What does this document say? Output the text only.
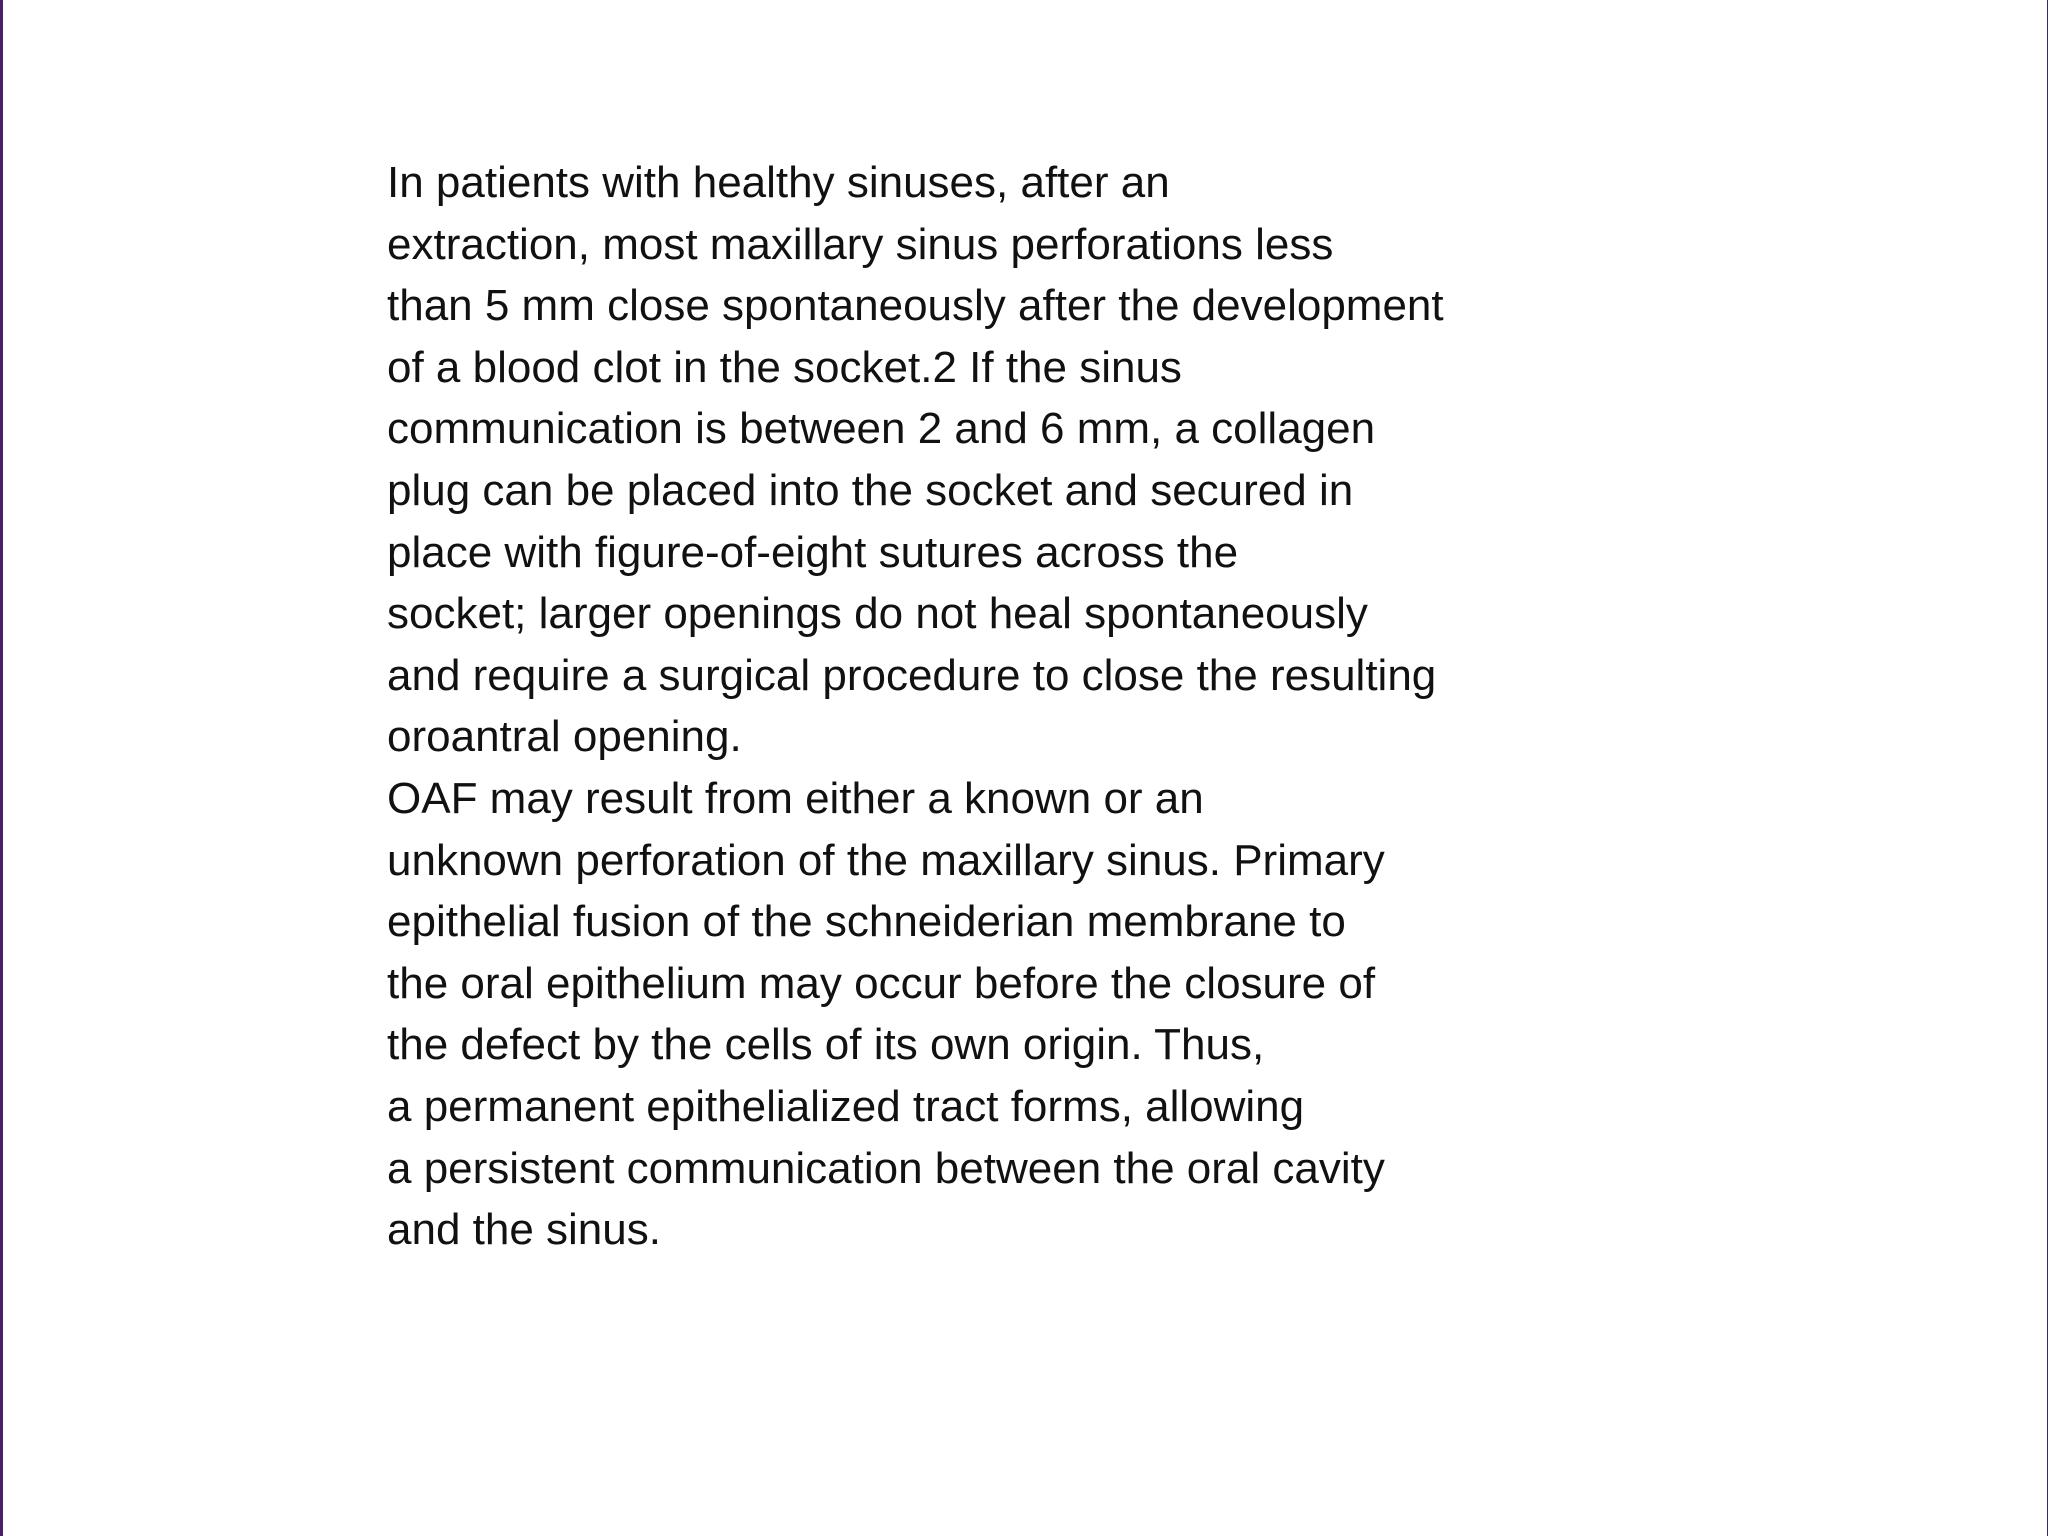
In patients with healthy sinuses, after an
extraction, most maxillary sinus perforations less
than 5 mm close spontaneously after the development
of a blood clot in the socket.2 If the sinus
communication is between 2 and 6 mm, a collagen
plug can be placed into the socket and secured in
place with figure-of-eight sutures across the
socket; larger openings do not heal spontaneously
and require a surgical procedure to close the resulting
oroantral opening.
OAF may result from either a known or an
unknown perforation of the maxillary sinus. Primary
epithelial fusion of the schneiderian membrane to
the oral epithelium may occur before the closure of
the defect by the cells of its own origin. Thus,
a permanent epithelialized tract forms, allowing
a persistent communication between the oral cavity
and the sinus.
